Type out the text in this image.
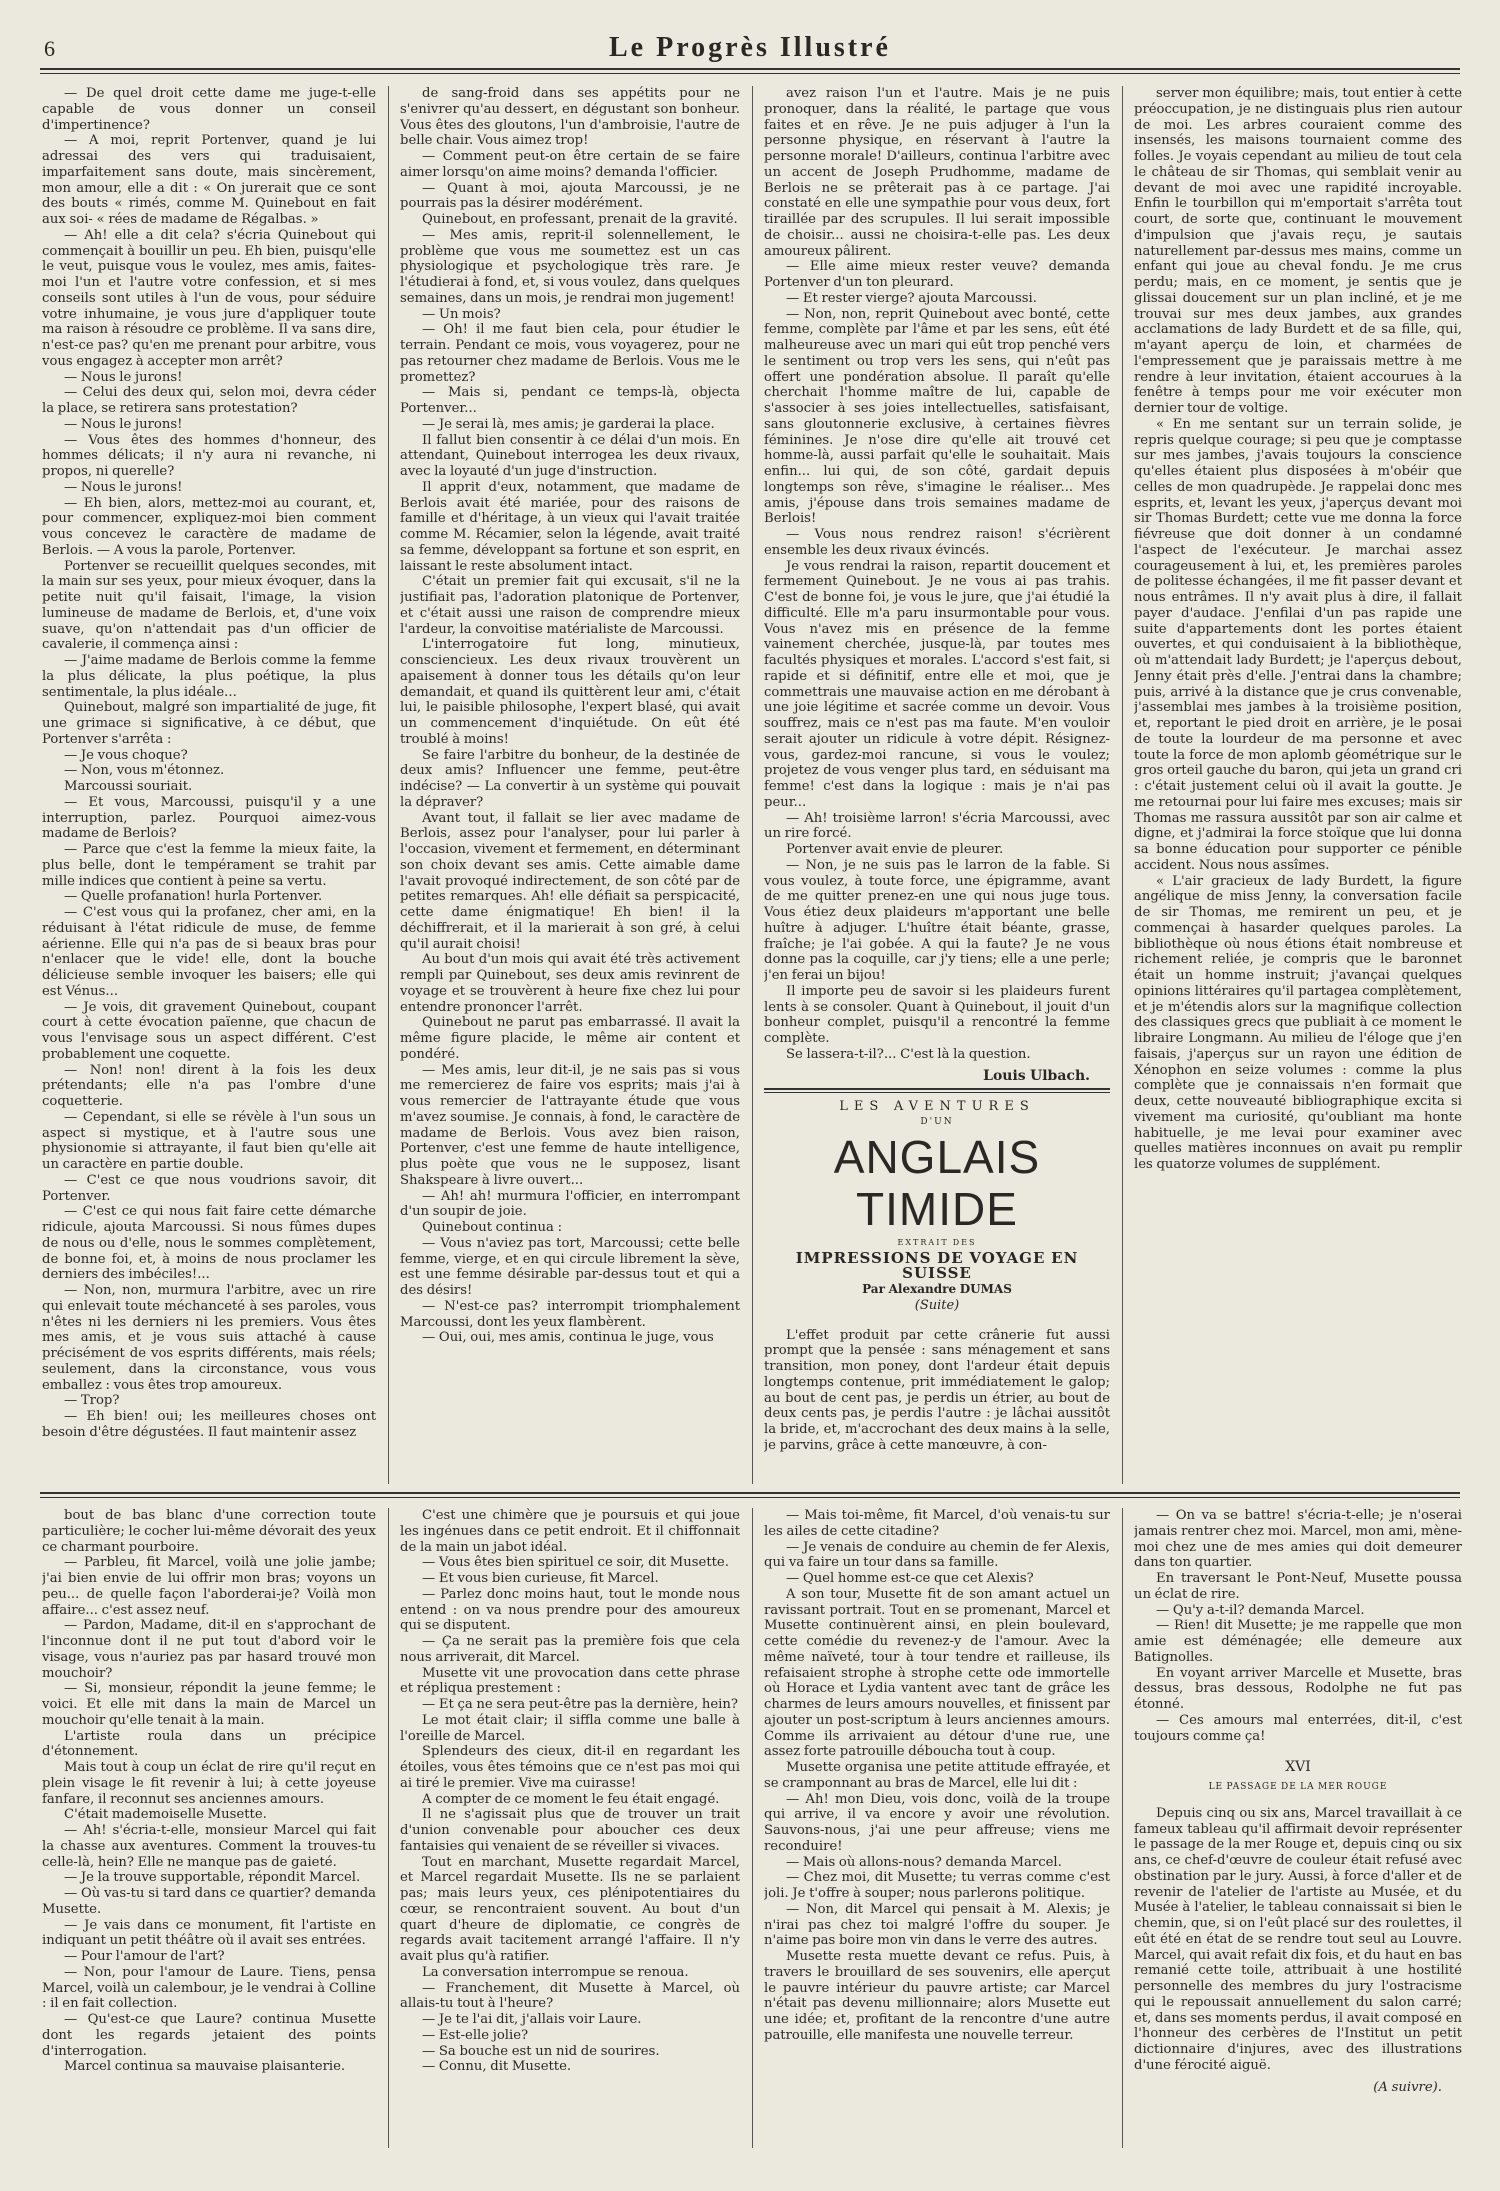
6	Le Progrès Illustré

— De quel droit cette dame me juge-t-elle capable de vous donner un conseil d'impertinence?

— A moi, reprit Portenver, quand je lui adressai des vers qui traduisaient, imparfaitement sans doute, mais sincèrement, mon amour, elle a dit : « On jurerait que ce sont des bouts « rimés, comme M. Quinebout en fait aux soi- « rées de madame de Régalbas. »

— Ah! elle a dit cela? s'écria Quinebout qui commençait à bouillir un peu. Eh bien, puisqu'elle le veut, puisque vous le voulez, mes amis, faites-moi l'un et l'autre votre confession, et si mes conseils sont utiles à l'un de vous, pour séduire votre inhumaine, je vous jure d'appliquer toute ma raison à résoudre ce problème. Il va sans dire, n'est-ce pas? qu'en me prenant pour arbitre, vous vous engagez à accepter mon arrêt?

— Nous le jurons!

— Celui des deux qui, selon moi, devra céder la place, se retirera sans protestation?

— Nous le jurons!

— Vous êtes des hommes d'honneur, des hommes délicats; il n'y aura ni revanche, ni propos, ni querelle?

— Nous le jurons!

— Eh bien, alors, mettez-moi au courant, et, pour commencer, expliquez-moi bien comment vous concevez le caractère de madame de Berlois. — A vous la parole, Portenver.

Portenver se recueillit quelques secondes, mit la main sur ses yeux, pour mieux évoquer, dans la petite nuit qu'il faisait, l'image, la vision lumineuse de madame de Berlois, et, d'une voix suave, qu'on n'attendait pas d'un officier de cavalerie, il commença ainsi :

— J'aime madame de Berlois comme la femme la plus délicate, la plus poétique, la plus sentimentale, la plus idéale...

Quinebout, malgré son impartialité de juge, fit une grimace si significative, à ce début, que Portenver s'arrêta :

— Je vous choque?

— Non, vous m'étonnez.

Marcoussi souriait.

— Et vous, Marcoussi, puisqu'il y a une interruption, parlez. Pourquoi aimez-vous madame de Berlois?

— Parce que c'est la femme la mieux faite, la plus belle, dont le tempérament se trahit par mille indices que contient à peine sa vertu.

— Quelle profanation! hurla Portenver.

— C'est vous qui la profanez, cher ami, en la réduisant à l'état ridicule de muse, de femme aérienne. Elle qui n'a pas de si beaux bras pour n'enlacer que le vide! elle, dont la bouche délicieuse semble invoquer les baisers; elle qui est Vénus...

— Je vois, dit gravement Quinebout, coupant court à cette évocation païenne, que chacun de vous l'envisage sous un aspect différent. C'est probablement une coquette.

— Non! non! dirent à la fois les deux prétendants; elle n'a pas l'ombre d'une coquetterie.

— Cependant, si elle se révèle à l'un sous un aspect si mystique, et à l'autre sous une physionomie si attrayante, il faut bien qu'elle ait un caractère en partie double.

— C'est ce que nous voudrions savoir, dit Portenver.

— C'est ce qui nous fait faire cette démarche ridicule, ajouta Marcoussi. Si nous fûmes dupes de nous ou d'elle, nous le sommes complètement, de bonne foi, et, à moins de nous proclamer les derniers des imbéciles!...

— Non, non, murmura l'arbitre, avec un rire qui enlevait toute méchanceté à ses paroles, vous n'êtes ni les derniers ni les premiers. Vous êtes mes amis, et je vous suis attaché à cause précisément de vos esprits différents, mais réels; seulement, dans la circonstance, vous vous emballez : vous êtes trop amoureux.

— Trop?

— Eh bien! oui; les meilleures choses ont besoin d'être dégustées. Il faut maintenir assez

de sang-froid dans ses appétits pour ne s'enivrer qu'au dessert, en dégustant son bonheur. Vous êtes des gloutons, l'un d'ambroisie, l'autre de belle chair. Vous aimez trop!

— Comment peut-on être certain de se faire aimer lorsqu'on aime moins? demanda l'officier.

— Quant à moi, ajouta Marcoussi, je ne pourrais pas la désirer modérément.

Quinebout, en professant, prenait de la gravité.

— Mes amis, reprit-il solennellement, le problème que vous me soumettez est un cas physiologique et psychologique très rare. Je l'étudierai à fond, et, si vous voulez, dans quelques semaines, dans un mois, je rendrai mon jugement!

— Un mois?

— Oh! il me faut bien cela, pour étudier le terrain. Pendant ce mois, vous voyagerez, pour ne pas retourner chez madame de Berlois. Vous me le promettez?

— Mais si, pendant ce temps-là, objecta Portenver...

— Je serai là, mes amis; je garderai la place.

Il fallut bien consentir à ce délai d'un mois. En attendant, Quinebout interrogea les deux rivaux, avec la loyauté d'un juge d'instruction.

Il apprit d'eux, notamment, que madame de Berlois avait été mariée, pour des raisons de famille et d'héritage, à un vieux qui l'avait traitée comme M. Récamier, selon la légende, avait traité sa femme, développant sa fortune et son esprit, en laissant le reste absolument intact.

C'était un premier fait qui excusait, s'il ne la justifiait pas, l'adoration platonique de Portenver, et c'était aussi une raison de comprendre mieux l'ardeur, la convoitise matérialiste de Marcoussi.

L'interrogatoire fut long, minutieux, consciencieux. Les deux rivaux trouvèrent un apaisement à donner tous les détails qu'on leur demandait, et quand ils quittèrent leur ami, c'était lui, le paisible philosophe, l'expert blasé, qui avait un commencement d'inquiétude. On eût été troublé à moins!

Se faire l'arbitre du bonheur, de la destinée de deux amis? Influencer une femme, peut-être indécise? — La convertir à un système qui pouvait la dépraver?

Avant tout, il fallait se lier avec madame de Berlois, assez pour l'analyser, pour lui parler à l'occasion, vivement et fermement, en déterminant son choix devant ses amis. Cette aimable dame l'avait provoqué indirectement, de son côté par de petites remarques. Ah! elle défiait sa perspicacité, cette dame énigmatique! Eh bien! il la déchiffrerait, et il la marierait à son gré, à celui qu'il aurait choisi!

Au bout d'un mois qui avait été très activement rempli par Quinebout, ses deux amis revinrent de voyage et se trouvèrent à heure fixe chez lui pour entendre prononcer l'arrêt.

Quinebout ne parut pas embarrassé. Il avait la même figure placide, le même air content et pondéré.

— Mes amis, leur dit-il, je ne sais pas si vous me remercierez de faire vos esprits; mais j'ai à vous remercier de l'attrayante étude que vous m'avez soumise. Je connais, à fond, le caractère de madame de Berlois. Vous avez bien raison, Portenver, c'est une femme de haute intelligence, plus poète que vous ne le supposez, lisant Shakspeare à livre ouvert...

— Ah! ah! murmura l'officier, en interrompant d'un soupir de joie.

Quinebout continua :

— Vous n'aviez pas tort, Marcoussi; cette belle femme, vierge, et en qui circule librement la sève, est une femme désirable par-dessus tout et qui a des désirs!

— N'est-ce pas? interrompit triomphalement Marcoussi, dont les yeux flambèrent.

— Oui, oui, mes amis, continua le juge, vous

avez raison l'un et l'autre. Mais je ne puis pronoquer, dans la réalité, le partage que vous faites et en rêve. Je ne puis adjuger à l'un la personne physique, en réservant à l'autre la personne morale! D'ailleurs, continua l'arbitre avec un accent de Joseph Prudhomme, madame de Berlois ne se prêterait pas à ce partage. J'ai constaté en elle une sympathie pour vous deux, fort tiraillée par des scrupules. Il lui serait impossible de choisir... aussi ne choisira-t-elle pas. Les deux amoureux pâlirent.

— Elle aime mieux rester veuve? demanda Portenver d'un ton pleurard.

— Et rester vierge? ajouta Marcoussi.

— Non, non, reprit Quinebout avec bonté, cette femme, complète par l'âme et par les sens, eût été malheureuse avec un mari qui eût trop penché vers le sentiment ou trop vers les sens, qui n'eût pas offert une pondération absolue. Il paraît qu'elle cherchait l'homme maître de lui, capable de s'associer à ses joies intellectuelles, satisfaisant, sans gloutonnerie exclusive, à certaines fièvres féminines. Je n'ose dire qu'elle ait trouvé cet homme-là, aussi parfait qu'elle le souhaitait. Mais enfin... lui qui, de son côté, gardait depuis longtemps son rêve, s'imagine le réaliser... Mes amis, j'épouse dans trois semaines madame de Berlois!

— Vous nous rendrez raison! s'écrièrent ensemble les deux rivaux évincés.

Je vous rendrai la raison, repartit doucement et fermement Quinebout. Je ne vous ai pas trahis. C'est de bonne foi, je vous le jure, que j'ai étudié la difficulté. Elle m'a paru insurmontable pour vous. Vous n'avez mis en présence de la femme vainement cherchée, jusque-là, par toutes mes facultés physiques et morales. L'accord s'est fait, si rapide et si définitif, entre elle et moi, que je commettrais une mauvaise action en me dérobant à une joie légitime et sacrée comme un devoir. Vous souffrez, mais ce n'est pas ma faute. M'en vouloir serait ajouter un ridicule à votre dépit. Résignez-vous, gardez-moi rancune, si vous le voulez; projetez de vous venger plus tard, en séduisant ma femme! c'est dans la logique : mais je n'ai pas peur...

— Ah! troisième larron! s'écria Marcoussi, avec un rire forcé.

Portenver avait envie de pleurer.

— Non, je ne suis pas le larron de la fable. Si vous voulez, à toute force, une épigramme, avant de me quitter prenez-en une qui nous juge tous. Vous étiez deux plaideurs m'apportant une belle huître à adjuger. L'huître était béante, grasse, fraîche; je l'ai gobée. A qui la faute? Je ne vous donne pas la coquille, car j'y tiens; elle a une perle; j'en ferai un bijou!

Il importe peu de savoir si les plaideurs furent lents à se consoler. Quant à Quinebout, il jouit d'un bonheur complet, puisqu'il a rencontré la femme complète.

Se lassera-t-il?... C'est là la question.

Louis Ulbach.
LES AVENTURES
D'UN
ANGLAIS TIMIDE
EXTRAIT DES
IMPRESSIONS DE VOYAGE EN SUISSE
Par Alexandre DUMAS
(Suite)

L'effet produit par cette crânerie fut aussi prompt que la pensée : sans ménagement et sans transition, mon poney, dont l'ardeur était depuis longtemps contenue, prit immédiatement le galop; au bout de cent pas, je perdis un étrier, au bout de deux cents pas, je perdis l'autre : je lâchai aussitôt la bride, et, m'accrochant des deux mains à la selle, je parvins, grâce à cette manœuvre, à con-

server mon équilibre; mais, tout entier à cette préoccupation, je ne distinguais plus rien autour de moi. Les arbres couraient comme des insensés, les maisons tournaient comme des folles. Je voyais cependant au milieu de tout cela le château de sir Thomas, qui semblait venir au devant de moi avec une rapidité incroyable. Enfin le tourbillon qui m'emportait s'arrêta tout court, de sorte que, continuant le mouvement d'impulsion que j'avais reçu, je sautais naturellement par-dessus mes mains, comme un enfant qui joue au cheval fondu. Je me crus perdu; mais, en ce moment, je sentis que je glissai doucement sur un plan incliné, et je me trouvai sur mes deux jambes, aux grandes acclamations de lady Burdett et de sa fille, qui, m'ayant aperçu de loin, et charmées de l'empressement que je paraissais mettre à me rendre à leur invitation, étaient accourues à la fenêtre à temps pour me voir exécuter mon dernier tour de voltige.

« En me sentant sur un terrain solide, je repris quelque courage; si peu que je comptasse sur mes jambes, j'avais toujours la conscience qu'elles étaient plus disposées à m'obéir que celles de mon quadrupède. Je rappelai donc mes esprits, et, levant les yeux, j'aperçus devant moi sir Thomas Burdett; cette vue me donna la force fiévreuse que doit donner à un condamné l'aspect de l'exécuteur. Je marchai assez courageusement à lui, et, les premières paroles de politesse échangées, il me fit passer devant et nous entrâmes. Il n'y avait plus à dire, il fallait payer d'audace. J'enfilai d'un pas rapide une suite d'appartements dont les portes étaient ouvertes, et qui conduisaient à la bibliothèque, où m'attendait lady Burdett; je l'aperçus debout, Jenny était près d'elle. J'entrai dans la chambre; puis, arrivé à la distance que je crus convenable, j'assemblai mes jambes à la troisième position, et, reportant le pied droit en arrière, je le posai de toute la lourdeur de ma personne et avec toute la force de mon aplomb géométrique sur le gros orteil gauche du baron, qui jeta un grand cri : c'était justement celui où il avait la goutte. Je me retournai pour lui faire mes excuses; mais sir Thomas me rassura aussitôt par son air calme et digne, et j'admirai la force stoïque que lui donna sa bonne éducation pour supporter ce pénible accident. Nous nous assîmes.

« L'air gracieux de lady Burdett, la figure angélique de miss Jenny, la conversation facile de sir Thomas, me remirent un peu, et je commençai à hasarder quelques paroles. La bibliothèque où nous étions était nombreuse et richement reliée, je compris que le baronnet était un homme instruit; j'avançai quelques opinions littéraires qu'il partagea complètement, et je m'étendis alors sur la magnifique collection des classiques grecs que publiait à ce moment le libraire Longmann. Au milieu de l'éloge que j'en faisais, j'aperçus sur un rayon une édition de Xénophon en seize volumes : comme la plus complète que je connaissais n'en formait que deux, cette nouveauté bibliographique excita si vivement ma curiosité, qu'oubliant ma honte habituelle, je me levai pour examiner avec quelles matières inconnues on avait pu remplir les quatorze volumes de supplément.

bout de bas blanc d'une correction toute particulière; le cocher lui-même dévorait des yeux ce charmant pourboire.

— Parbleu, fit Marcel, voilà une jolie jambe; j'ai bien envie de lui offrir mon bras; voyons un peu... de quelle façon l'aborderai-je? Voilà mon affaire... c'est assez neuf.

— Pardon, Madame, dit-il en s'approchant de l'inconnue dont il ne put tout d'abord voir le visage, vous n'auriez pas par hasard trouvé mon mouchoir?

— Si, monsieur, répondit la jeune femme; le voici. Et elle mit dans la main de Marcel un mouchoir qu'elle tenait à la main.

L'artiste roula dans un précipice d'étonnement.

Mais tout à coup un éclat de rire qu'il reçut en plein visage le fit revenir à lui; à cette joyeuse fanfare, il reconnut ses anciennes amours.

C'était mademoiselle Musette.

— Ah! s'écria-t-elle, monsieur Marcel qui fait la chasse aux aventures. Comment la trouves-tu celle-là, hein? Elle ne manque pas de gaieté.

— Je la trouve supportable, répondit Marcel.

— Où vas-tu si tard dans ce quartier? demanda Musette.

— Je vais dans ce monument, fit l'artiste en indiquant un petit théâtre où il avait ses entrées.

— Pour l'amour de l'art?

— Non, pour l'amour de Laure. Tiens, pensa Marcel, voilà un calembour, je le vendrai à Colline : il en fait collection.

— Qu'est-ce que Laure? continua Musette dont les regards jetaient des points d'interrogation.

Marcel continua sa mauvaise plaisanterie.

C'est une chimère que je poursuis et qui joue les ingénues dans ce petit endroit. Et il chiffonnait de la main un jabot idéal.

— Vous êtes bien spirituel ce soir, dit Musette.

— Et vous bien curieuse, fit Marcel.

— Parlez donc moins haut, tout le monde nous entend : on va nous prendre pour des amoureux qui se disputent.

— Ça ne serait pas la première fois que cela nous arriverait, dit Marcel.

Musette vit une provocation dans cette phrase et répliqua prestement :

— Et ça ne sera peut-être pas la dernière, hein?

Le mot était clair; il siffla comme une balle à l'oreille de Marcel.

Splendeurs des cieux, dit-il en regardant les étoiles, vous êtes témoins que ce n'est pas moi qui ai tiré le premier. Vive ma cuirasse!

A compter de ce moment le feu était engagé.

Il ne s'agissait plus que de trouver un trait d'union convenable pour aboucher ces deux fantaisies qui venaient de se réveiller si vivaces.

Tout en marchant, Musette regardait Marcel, et Marcel regardait Musette. Ils ne se parlaient pas; mais leurs yeux, ces plénipotentiaires du cœur, se rencontraient souvent. Au bout d'un quart d'heure de diplomatie, ce congrès de regards avait tacitement arrangé l'affaire. Il n'y avait plus qu'à ratifier.

La conversation interrompue se renoua.

— Franchement, dit Musette à Marcel, où allais-tu tout à l'heure?

— Je te l'ai dit, j'allais voir Laure.

— Est-elle jolie?

— Sa bouche est un nid de sourires.

— Connu, dit Musette.

— Mais toi-même, fit Marcel, d'où venais-tu sur les ailes de cette citadine?

— Je venais de conduire au chemin de fer Alexis, qui va faire un tour dans sa famille.

— Quel homme est-ce que cet Alexis?

A son tour, Musette fit de son amant actuel un ravissant portrait. Tout en se promenant, Marcel et Musette continuèrent ainsi, en plein boulevard, cette comédie du revenez-y de l'amour. Avec la même naïveté, tour à tour tendre et railleuse, ils refaisaient strophe à strophe cette ode immortelle où Horace et Lydia vantent avec tant de grâce les charmes de leurs amours nouvelles, et finissent par ajouter un post-scriptum à leurs anciennes amours. Comme ils arrivaient au détour d'une rue, une assez forte patrouille déboucha tout à coup.

Musette organisa une petite attitude effrayée, et se cramponnant au bras de Marcel, elle lui dit :

— Ah! mon Dieu, vois donc, voilà de la troupe qui arrive, il va encore y avoir une révolution. Sauvons-nous, j'ai une peur affreuse; viens me reconduire!

— Mais où allons-nous? demanda Marcel.

— Chez moi, dit Musette; tu verras comme c'est joli. Je t'offre à souper; nous parlerons politique.

— Non, dit Marcel qui pensait à M. Alexis; je n'irai pas chez toi malgré l'offre du souper. Je n'aime pas boire mon vin dans le verre des autres.

Musette resta muette devant ce refus. Puis, à travers le brouillard de ses souvenirs, elle aperçut le pauvre intérieur du pauvre artiste; car Marcel n'était pas devenu millionnaire; alors Musette eut une idée; et, profitant de la rencontre d'une autre patrouille, elle manifesta une nouvelle terreur.

— On va se battre! s'écria-t-elle; je n'oserai jamais rentrer chez moi. Marcel, mon ami, mène-moi chez une de mes amies qui doit demeurer dans ton quartier.

En traversant le Pont-Neuf, Musette poussa un éclat de rire.

— Qu'y a-t-il? demanda Marcel.

— Rien! dit Musette; je me rappelle que mon amie est déménagée; elle demeure aux Batignolles.

En voyant arriver Marcelle et Musette, bras dessus, bras dessous, Rodolphe ne fut pas étonné.

— Ces amours mal enterrées, dit-il, c'est toujours comme ça!

XVI
LE PASSAGE DE LA MER ROUGE

Depuis cinq ou six ans, Marcel travaillait à ce fameux tableau qu'il affirmait devoir représenter le passage de la mer Rouge et, depuis cinq ou six ans, ce chef-d'œuvre de couleur était refusé avec obstination par le jury. Aussi, à force d'aller et de revenir de l'atelier de l'artiste au Musée, et du Musée à l'atelier, le tableau connaissait si bien le chemin, que, si on l'eût placé sur des roulettes, il eût été en état de se rendre tout seul au Louvre. Marcel, qui avait refait dix fois, et du haut en bas remanié cette toile, attribuait à une hostilité personnelle des membres du jury l'ostracisme qui le repoussait annuellement du salon carré; et, dans ses moments perdus, il avait composé en l'honneur des cerbères de l'Institut un petit dictionnaire d'injures, avec des illustrations d'une férocité aiguë.

(A suivre).
